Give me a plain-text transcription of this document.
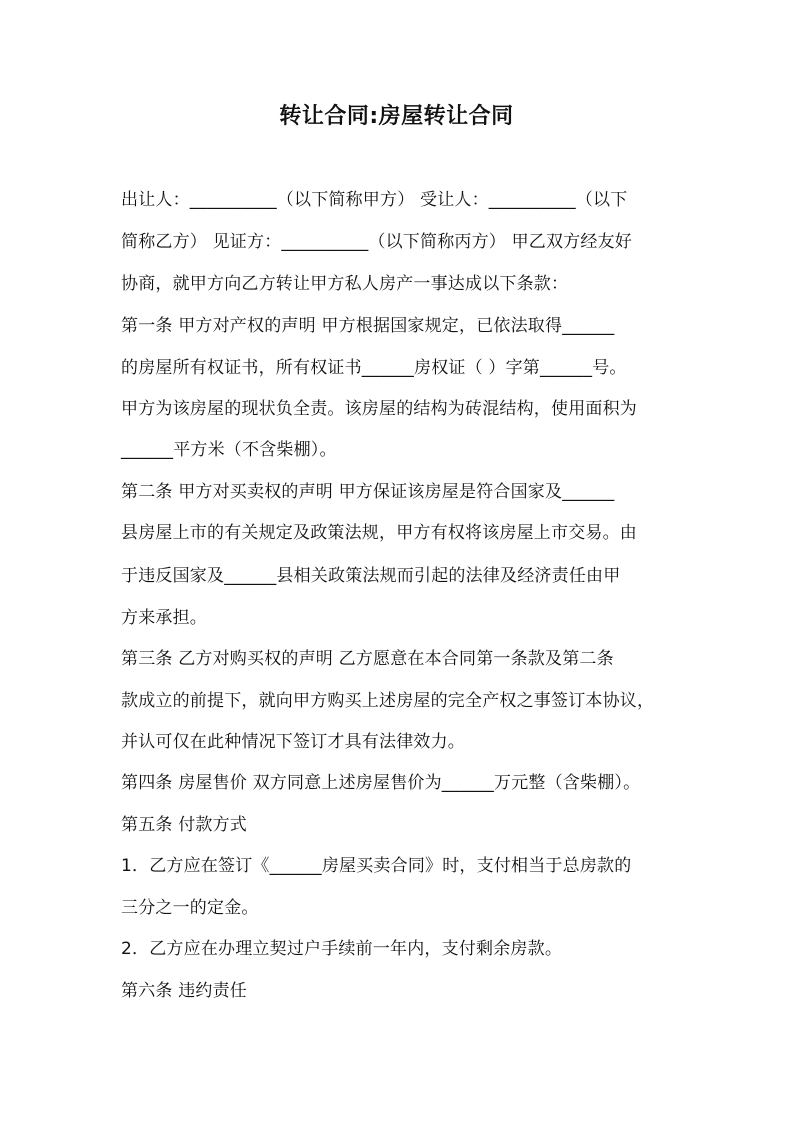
转让合同:房屋转让合同
出让人：__________（以下简称甲方） 受让人：__________（以下
简称乙方） 见证方：__________（以下简称丙方） 甲乙双方经友好
协商，就甲方向乙方转让甲方私人房产一事达成以下条款：
第一条 甲方对产权的声明 甲方根据国家规定，已依法取得______
的房屋所有权证书，所有权证书______房权证（ ）字第______号。
甲方为该房屋的现状负全责。该房屋的结构为砖混结构，使用面积为
______平方米（不含柴棚）。
第二条 甲方对买卖权的声明 甲方保证该房屋是符合国家及______
县房屋上市的有关规定及政策法规，甲方有权将该房屋上市交易。由
于违反国家及______县相关政策法规而引起的法律及经济责任由甲
方来承担。
第三条 乙方对购买权的声明 乙方愿意在本合同第一条款及第二条
款成立的前提下，就向甲方购买上述房屋的完全产权之事签订本协议，
并认可仅在此种情况下签订才具有法律效力。
第四条 房屋售价 双方同意上述房屋售价为______万元整（含柴棚）。
第五条 付款方式
1．乙方应在签订《______房屋买卖合同》时，支付相当于总房款的
三分之一的定金。
2．乙方应在办理立契过户手续前一年内，支付剩余房款。
第六条 违约责任
